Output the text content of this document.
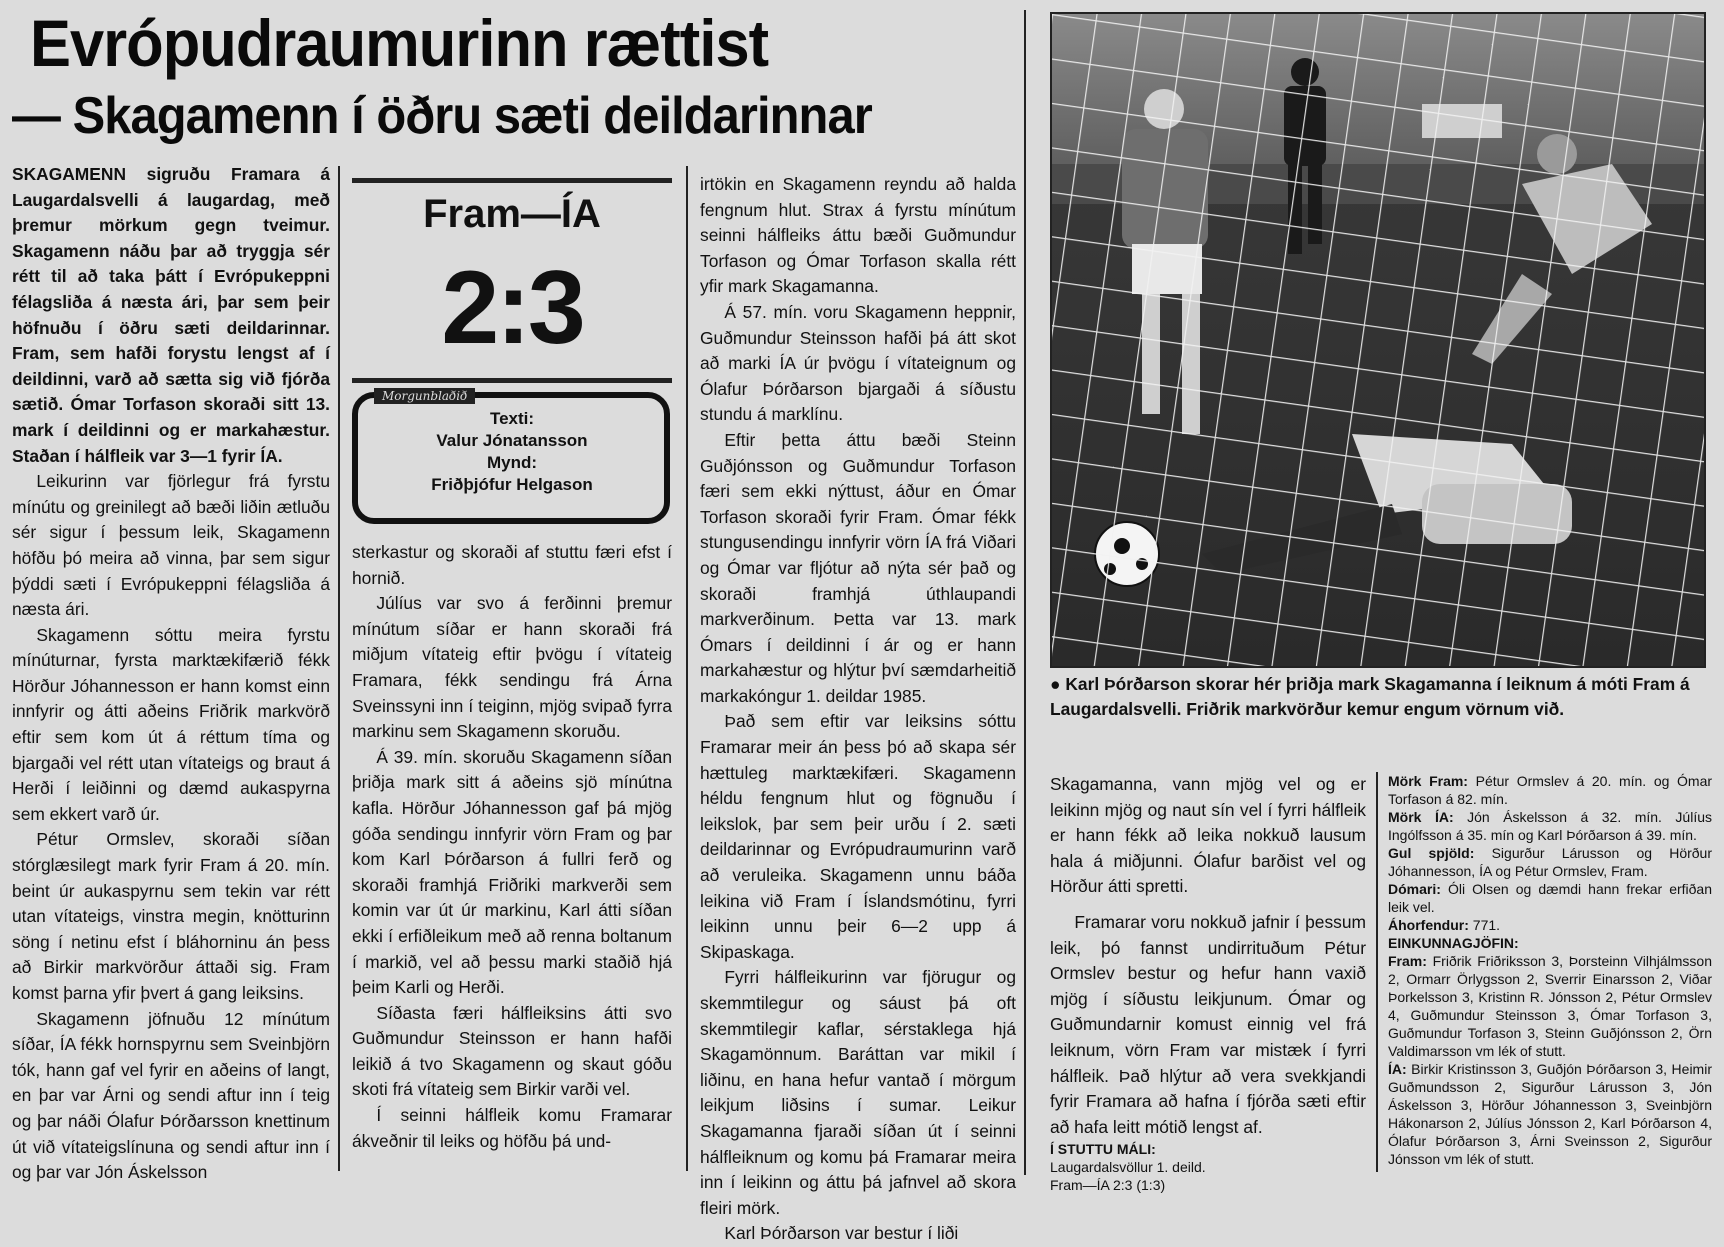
Evrópudraumurinn rættist
— Skagamenn í öðru sæti deildarinnar

SKAGAMENN sigruðu Framara á Laugardalsvelli á laugardag, með þremur mörkum gegn tveimur. Skagamenn náðu þar að tryggja sér rétt til að taka þátt í Evrópukeppni félagsliða á næsta ári, þar sem þeir höfnuðu í öðru sæti deildarinnar. Fram, sem hafði forystu lengst af í deildinni, varð að sætta sig við fjórða sætið. Ómar Torfason skoraði sitt 13. mark í deildinni og er markahæstur. Staðan í hálfleik var 3—1 fyrir ÍA.

Leikurinn var fjörlegur frá fyrstu mínútu og greinilegt að bæði liðin ætluðu sér sigur í þessum leik, Skagamenn höfðu þó meira að vinna, þar sem sigur þýddi sæti í Evrópukeppni félagsliða á næsta ári.

Skagamenn sóttu meira fyrstu mínúturnar, fyrsta marktækifærið fékk Hörður Jóhannesson er hann komst einn innfyrir og átti aðeins Friðrik markvörð eftir sem kom út á réttum tíma og bjargaði vel rétt utan vítateigs og braut á Herði í leiðinni og dæmd aukaspyrna sem ekkert varð úr.

Pétur Ormslev, skoraði síðan stórglæsilegt mark fyrir Fram á 20. mín. beint úr aukaspyrnu sem tekin var rétt utan vítateigs, vinstra megin, knötturinn söng í netinu efst í bláhorninu án þess að Birkir markvörður áttaði sig. Fram komst þarna yfir þvert á gang leiksins.

Skagamenn jöfnuðu 12 mínútum síðar, ÍA fékk hornspyrnu sem Sveinbjörn tók, hann gaf vel fyrir en aðeins of langt, en þar var Árni og sendi aftur inn í teig og þar náði Ólafur Þórðarsson knettinum út við vítateigslínuna og sendi aftur inn í og þar var Jón Áskelsson

Fram—ÍA
2:3
Morgunblaðið
Texti:
Valur Jónatansson
Mynd:
Friðþjófur Helgason

sterkastur og skoraði af stuttu færi efst í hornið.

Júlíus var svo á ferðinni þremur mínútum síðar er hann skoraði frá miðjum vítateig eftir þvögu í vítateig Framara, fékk sendingu frá Árna Sveinssyni inn í teiginn, mjög svipað fyrra markinu sem Skagamenn skoruðu.

Á 39. mín. skoruðu Skagamenn síðan þriðja mark sitt á aðeins sjö mínútna kafla. Hörður Jóhannesson gaf þá mjög góða sendingu innfyrir vörn Fram og þar kom Karl Þórðarson á fullri ferð og skoraði framhjá Friðriki markverði sem komin var út úr markinu, Karl átti síðan ekki í erfiðleikum með að renna boltanum í markið, vel að þessu marki staðið hjá þeim Karli og Herði.

Síðasta færi hálfleiksins átti svo Guðmundur Steinsson er hann hafði leikið á tvo Skagamenn og skaut góðu skoti frá vítateig sem Birkir varði vel.

Í seinni hálfleik komu Framarar ákveðnir til leiks og höfðu þá und-

irtökin en Skagamenn reyndu að halda fengnum hlut. Strax á fyrstu mínútum seinni hálfleiks áttu bæði Guðmundur Torfason og Ómar Torfason skalla rétt yfir mark Skagamanna.

Á 57. mín. voru Skagamenn heppnir, Guðmundur Steinsson hafði þá átt skot að marki ÍA úr þvögu í vítateignum og Ólafur Þórðarson bjargaði á síðustu stundu á marklínu.

Eftir þetta áttu bæði Steinn Guðjónsson og Guðmundur Torfason færi sem ekki nýttust, áður en Ómar Torfason skoraði fyrir Fram. Ómar fékk stungusendingu innfyrir vörn ÍA frá Viðari og Ómar var fljótur að nýta sér það og skoraði framhjá úthlaupandi markverðinum. Þetta var 13. mark Ómars í deildinni í ár og er hann markahæstur og hlýtur því sæmdarheitið markakóngur 1. deildar 1985.

Það sem eftir var leiksins sóttu Framarar meir án þess þó að skapa sér hættuleg marktækifæri. Skagamenn héldu fengnum hlut og fögnuðu í leikslok, þar sem þeir urðu í 2. sæti deildarinnar og Evrópudraumurinn varð að veruleika. Skagamenn unnu báða leikina við Fram í Íslandsmótinu, fyrri leikinn unnu þeir 6—2 upp á Skipaskaga.

Fyrri hálfleikurinn var fjörugur og skemmtilegur og sáust þá oft skemmtilegir kaflar, sérstaklega hjá Skagamönnum. Baráttan var mikil í liðinu, en hana hefur vantað í mörgum leikjum liðsins í sumar. Leikur Skagamanna fjaraði síðan út í seinni hálfleiknum og komu þá Framarar meira inn í leikinn og áttu þá jafnvel að skora fleiri mörk.

Karl Þórðarson var bestur í liði

● Karl Þórðarson skorar hér þriðja mark Skagamanna í leiknum á móti Fram á Laugardalsvelli. Friðrik markvörður kemur engum vörnum við.

Skagamanna, vann mjög vel og er leikinn mjög og naut sín vel í fyrri hálfleik er hann fékk að leika nokkuð lausum hala á miðjunni. Ólafur barðist vel og Hörður átti spretti.

Framarar voru nokkuð jafnir í þessum leik, þó fannst undirrituðum Pétur Ormslev bestur og hefur hann vaxið mjög í síðustu leikjunum. Ómar og Guðmundarnir komust einnig vel frá leiknum, vörn Fram var mistæk í fyrri hálfleik. Það hlýtur að vera svekkjandi fyrir Framara að hafna í fjórða sæti eftir að hafa leitt mótið lengst af.

Í STUTTU MÁLI:
Laugardalsvöllur 1. deild.
Fram—ÍA 2:3 (1:3)

Mörk Fram: Pétur Ormslev á 20. mín. og Ómar Torfason á 82. mín.

Mörk ÍA: Jón Áskelsson á 32. mín. Júlíus Ingólfsson á 35. mín og Karl Þórðarson á 39. mín.

Gul spjöld: Sigurður Lárusson og Hörður Jóhannesson, ÍA og Pétur Ormslev, Fram.

Dómari: Óli Olsen og dæmdi hann frekar erfiðan leik vel.

Áhorfendur: 771.

EINKUNNAGJÖFIN:

Fram: Friðrik Friðriksson 3, Þorsteinn Vilhjálmsson 2, Ormarr Örlygsson 2, Sverrir Einarsson 2, Viðar Þorkelsson 3, Kristinn R. Jónsson 2, Pétur Ormslev 4, Guðmundur Steinsson 3, Ómar Torfason 3, Guðmundur Torfason 3, Steinn Guðjónsson 2, Örn Valdimarsson vm lék of stutt.

ÍA: Birkir Kristinsson 3, Guðjón Þórðarson 3, Heimir Guðmundsson 2, Sigurður Lárusson 3, Jón Áskelsson 3, Hörður Jóhannesson 3, Sveinbjörn Hákonarson 2, Júlíus Jónsson 2, Karl Þórðarson 4, Ólafur Þórðarson 3, Árni Sveinsson 2, Sigurður Jónsson vm lék of stutt.
